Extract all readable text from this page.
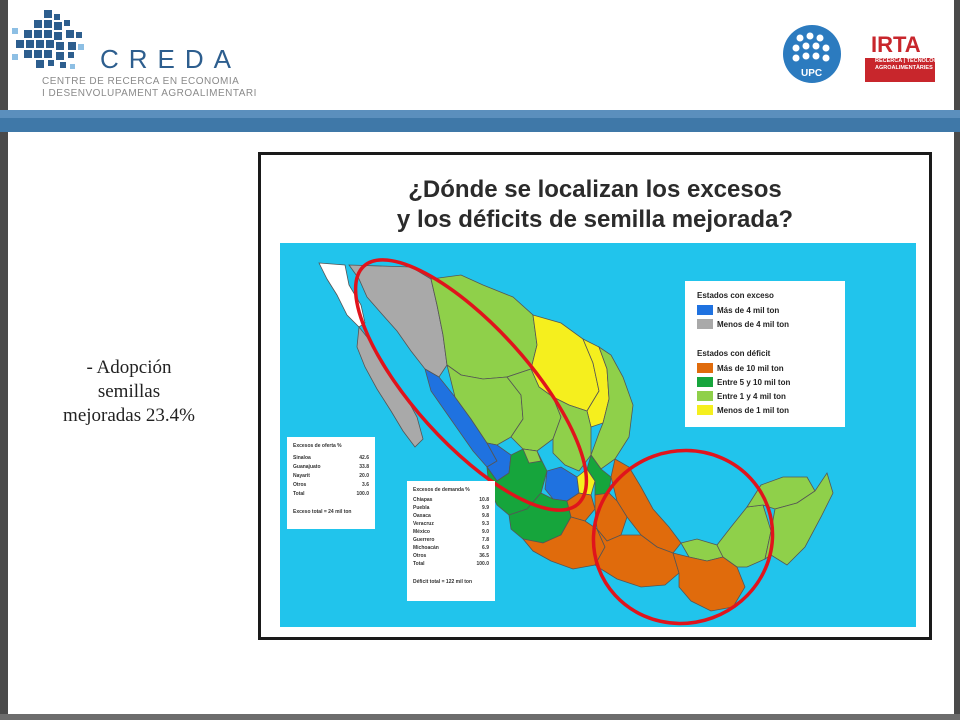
CREDA
CENTRE DE RECERCA EN ECONOMIA
I DESENVOLUPAMENT AGROALIMENTARI
UPC
IRTA
RECERCA | TECNOLOGIA
AGROALIMENTÀRIES
- Adopción
semillas
mejoradas 23.4%
¿Dónde se localizan los excesos
y los déficits de semilla mejorada?
Estados con exceso
Más de 4 mil ton
Menos de 4 mil ton
Estados con déficit
Más de 10 mil ton
Entre 5 y 10 mil ton
Entre 1 y 4 mil ton
Menos de 1 mil ton
Excesos de oferta %
Sinaloa	42.6
Guanajuato	33.8
Nayarit	20.0
Otros	3.6
Total	100.0
Exceso total = 24 mil ton
Excesos de demanda %
Chiapas	10.8
Puebla	9.9
Oaxaca	9.8
Veracruz	9.3
México	9.0
Guerrero	7.8
Michoacán	6.9
Otros	36.5
Total	100.0
Déficit total = 122 mil ton
